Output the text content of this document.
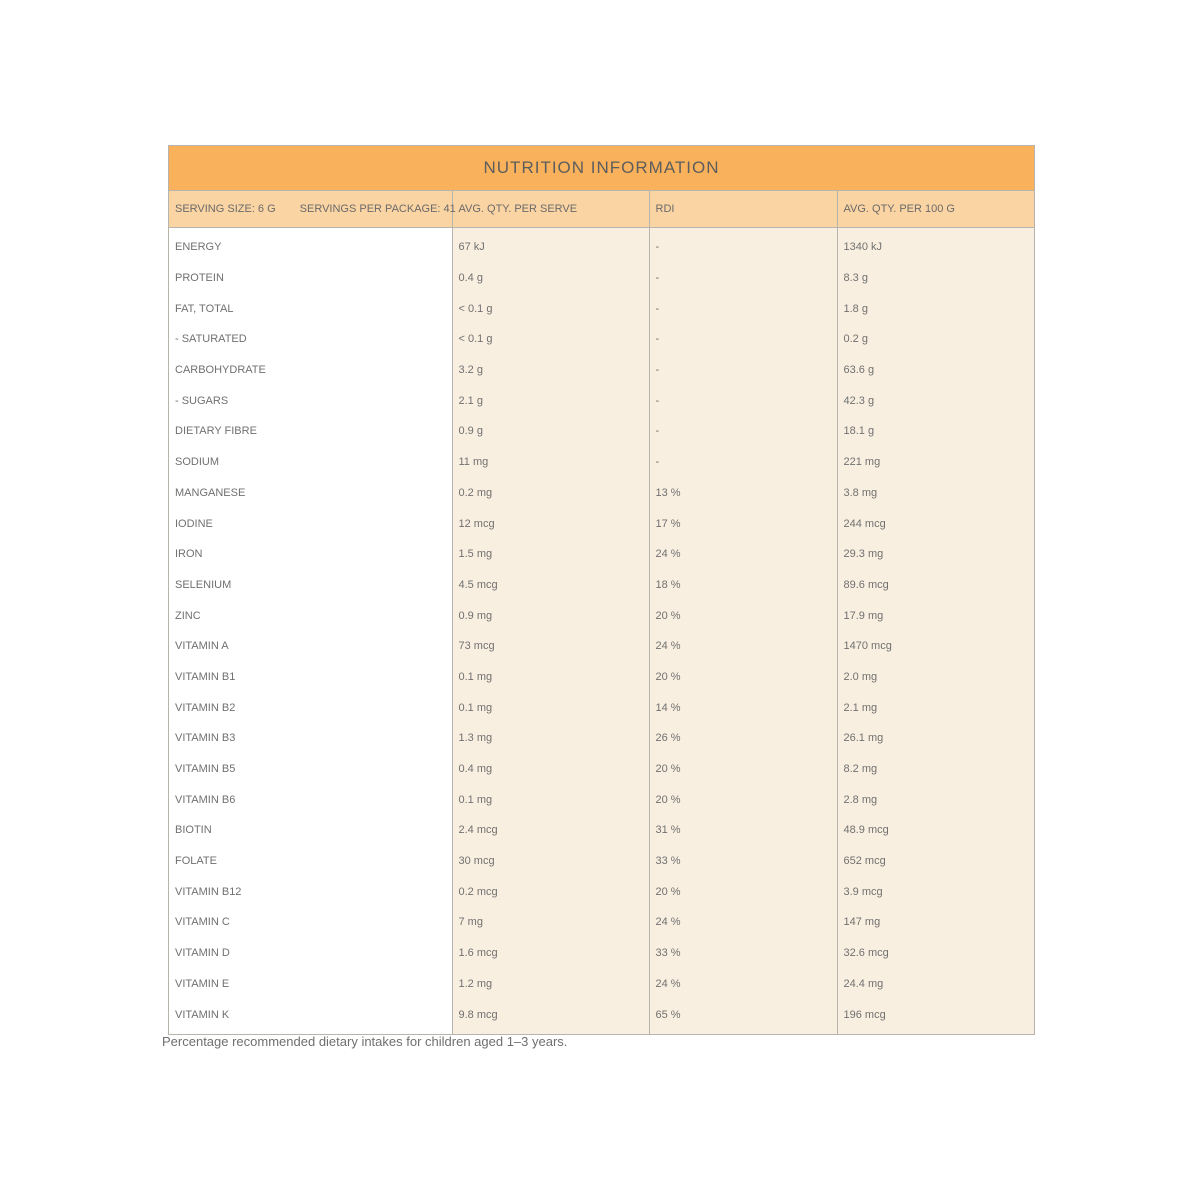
NUTRITION INFORMATION
SERVING SIZE: 6 G SERVINGS PER PACKAGE: 41	AVG. QTY. PER SERVE	RDI	AVG. QTY. PER 100 G
ENERGY	67 kJ	-	1340 kJ
PROTEIN	0.4 g	-	8.3 g
FAT, TOTAL	< 0.1 g	-	1.8 g
- SATURATED	< 0.1 g	-	0.2 g
CARBOHYDRATE	3.2 g	-	63.6 g
- SUGARS	2.1 g	-	42.3 g
DIETARY FIBRE	0.9 g	-	18.1 g
SODIUM	11 mg	-	221 mg
MANGANESE	0.2 mg	13 %	3.8 mg
IODINE	12 mcg	17 %	244 mcg
IRON	1.5 mg	24 %	29.3 mg
SELENIUM	4.5 mcg	18 %	89.6 mcg
ZINC	0.9 mg	20 %	17.9 mg
VITAMIN A	73 mcg	24 %	1470 mcg
VITAMIN B1	0.1 mg	20 %	2.0 mg
VITAMIN B2	0.1 mg	14 %	2.1 mg
VITAMIN B3	1.3 mg	26 %	26.1 mg
VITAMIN B5	0.4 mg	20 %	8.2 mg
VITAMIN B6	0.1 mg	20 %	2.8 mg
BIOTIN	2.4 mcg	31 %	48.9 mcg
FOLATE	30 mcg	33 %	652 mcg
VITAMIN B12	0.2 mcg	20 %	3.9 mcg
VITAMIN C	7 mg	24 %	147 mg
VITAMIN D	1.6 mcg	33 %	32.6 mcg
VITAMIN E	1.2 mg	24 %	24.4 mg
VITAMIN K	9.8 mcg	65 %	196 mcg
Percentage recommended dietary intakes for children aged 1–3 years.
